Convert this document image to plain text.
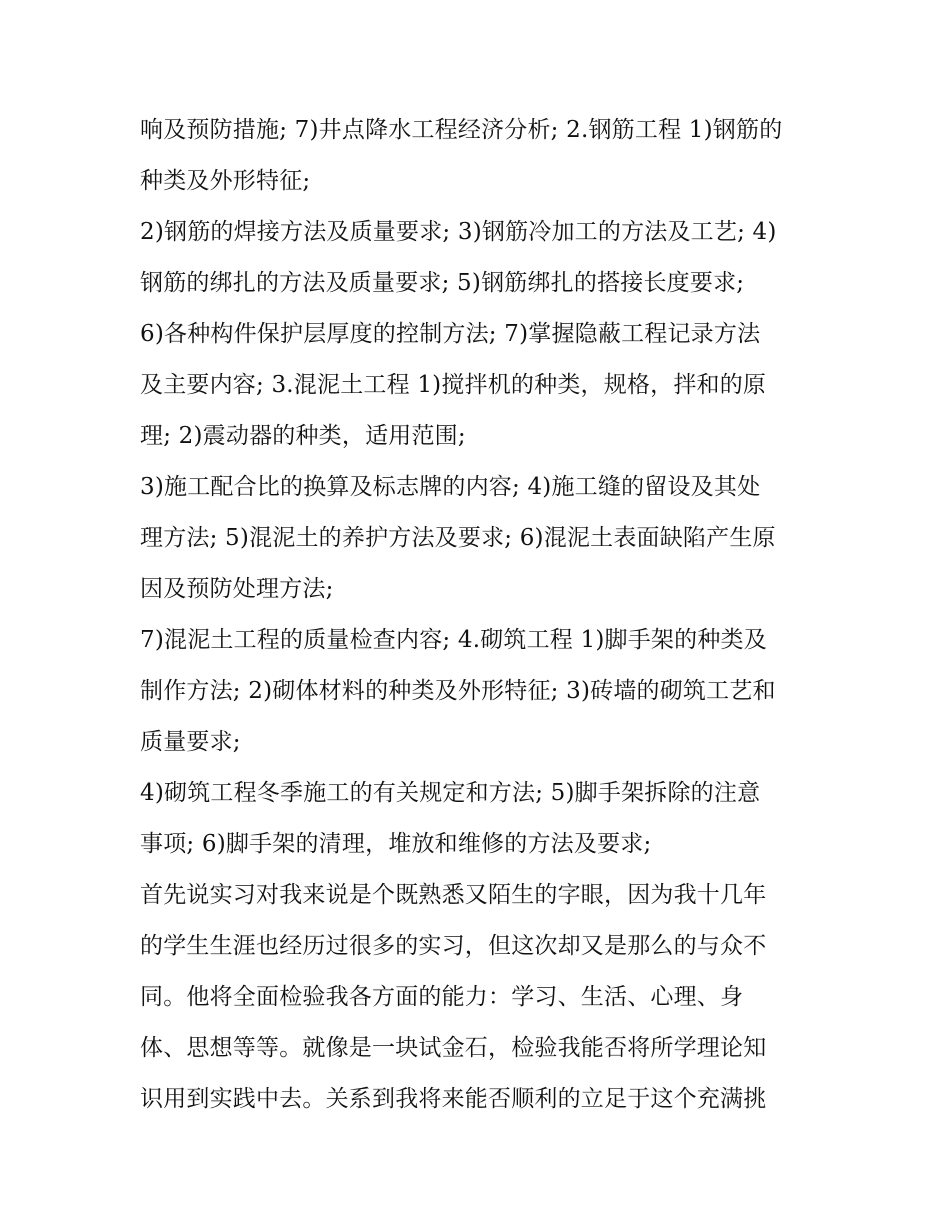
响及预防措施; 7)井点降水工程经济分析; 2.钢筋工程 1)钢筋的
种类及外形特征;
2)钢筋的焊接方法及质量要求; 3)钢筋冷加工的方法及工艺; 4)
钢筋的绑扎的方法及质量要求; 5)钢筋绑扎的搭接长度要求;
6)各种构件保护层厚度的控制方法; 7)掌握隐蔽工程记录方法
及主要内容; 3.混泥土工程 1)搅拌机的种类，规格，拌和的原
理; 2)震动器的种类，适用范围;
3)施工配合比的换算及标志牌的内容; 4)施工缝的留设及其处
理方法; 5)混泥土的养护方法及要求; 6)混泥土表面缺陷产生原
因及预防处理方法;
7)混泥土工程的质量检查内容; 4.砌筑工程 1)脚手架的种类及
制作方法; 2)砌体材料的种类及外形特征; 3)砖墙的砌筑工艺和
质量要求;
4)砌筑工程冬季施工的有关规定和方法; 5)脚手架拆除的注意
事项; 6)脚手架的清理，堆放和维修的方法及要求;
首先说实习对我来说是个既熟悉又陌生的字眼，因为我十几年
的学生生涯也经历过很多的实习，但这次却又是那么的与众不
同。他将全面检验我各方面的能力：学习、生活、心理、身
体、思想等等。就像是一块试金石，检验我能否将所学理论知
识用到实践中去。关系到我将来能否顺利的立足于这个充满挑
